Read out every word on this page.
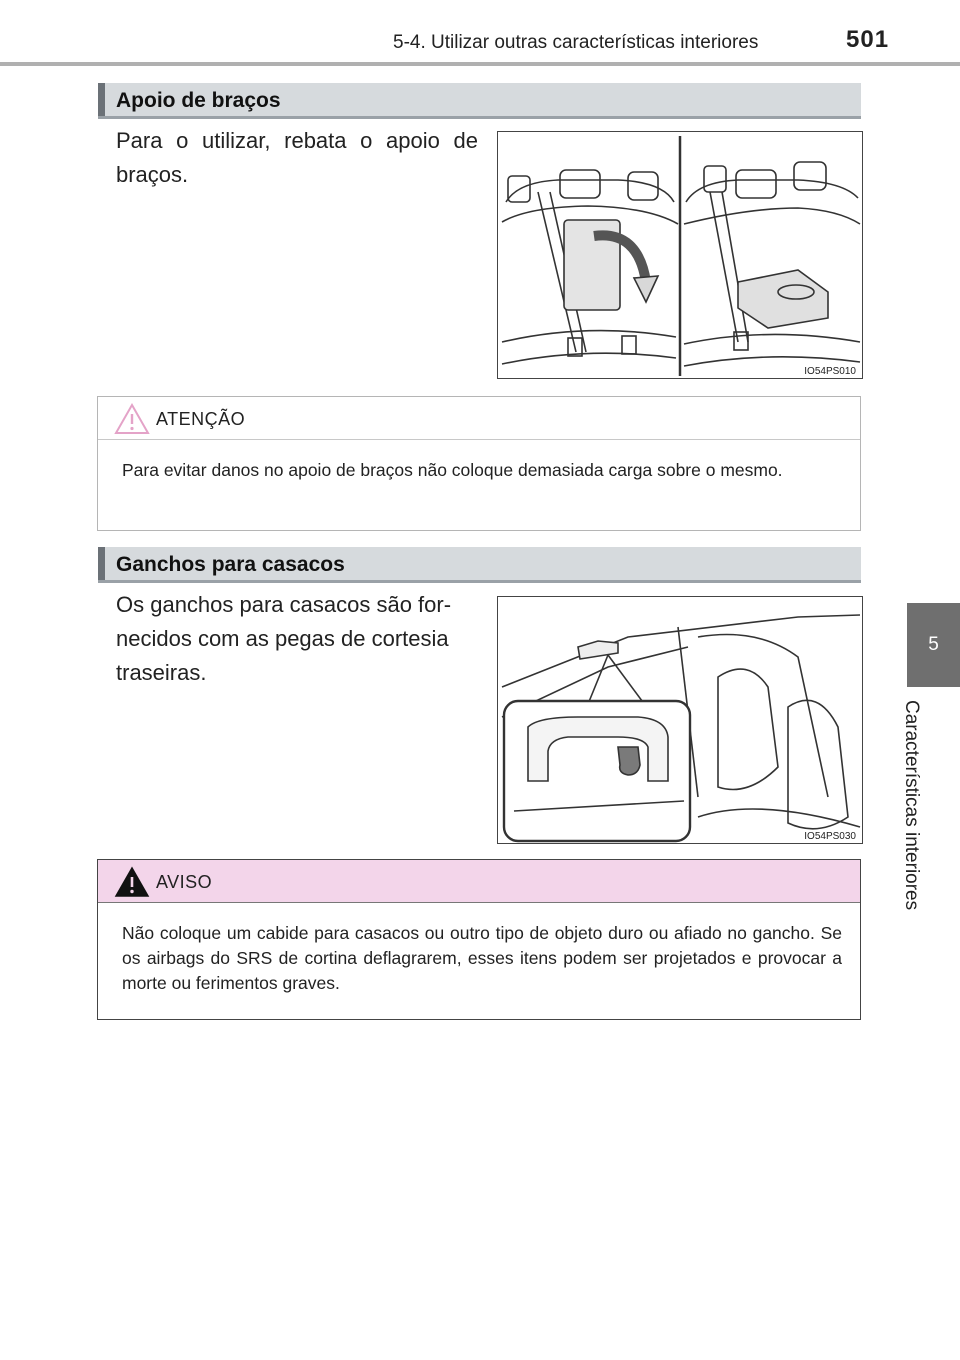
5-4. Utilizar outras características interiores	501
5
Características interiores
Apoio de braços
Para o utilizar, rebata o apoio de braços.
IO54PS010
ATENÇÃO
Para evitar danos no apoio de braços não coloque demasiada carga sobre o mesmo.
Ganchos para casacos
Os ganchos para casacos são for-
necidos com as pegas de cortesia
traseiras.
IO54PS030
AVISO
Não coloque um cabide para casacos ou outro tipo de objeto duro ou afiado no gancho. Se os airbags do SRS de cortina deflagrarem, esses itens podem ser projetados e provocar a morte ou ferimentos graves.
